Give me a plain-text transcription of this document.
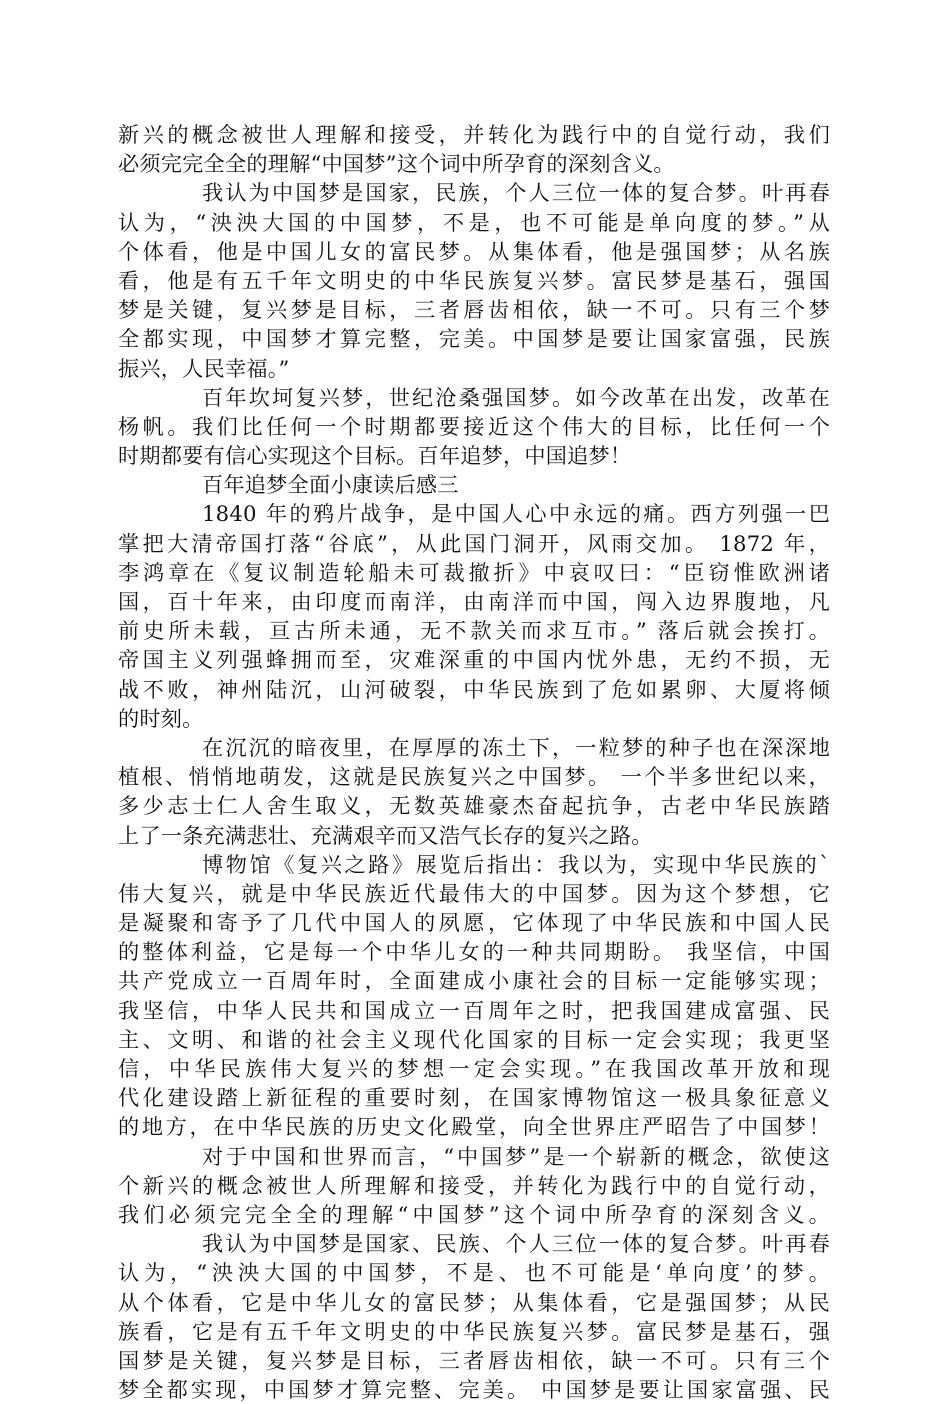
新兴的概念被世人理解和接受，并转化为践行中的自觉行动，我们
必须完完全全的理解“中国梦”这个词中所孕育的深刻含义。
我认为中国梦是国家，民族，个人三位一体的复合梦。叶再春
认为，“泱泱大国的中国梦，不是，也不可能是单向度的梦。”从
个体看，他是中国儿女的富民梦。从集体看，他是强国梦；从名族
看，他是有五千年文明史的中华民族复兴梦。富民梦是基石，强国
梦是关键，复兴梦是目标，三者唇齿相依，缺一不可。只有三个梦
全都实现，中国梦才算完整，完美。中国梦是要让国家富强，民族
振兴，人民幸福。”
百年坎坷复兴梦，世纪沧桑强国梦。如今改革在出发，改革在
杨帆。我们比任何一个时期都要接近这个伟大的目标，比任何一个
时期都要有信心实现这个目标。百年追梦，中国追梦！
百年追梦全面小康读后感三
1840 年的鸦片战争，是中国人心中永远的痛。西方列强一巴
掌把大清帝国打落“谷底”，从此国门洞开，风雨交加。 1872 年，
李鸿章在《复议制造轮船未可裁撤折》中哀叹曰：“臣窃惟欧洲诸
国，百十年来，由印度而南洋，由南洋而中国，闯入边界腹地，凡
前史所未载，亘古所未通，无不款关而求互市。” 落后就会挨打。
帝国主义列强蜂拥而至，灾难深重的中国内忧外患，无约不损，无
战不败，神州陆沉，山河破裂，中华民族到了危如累卵、大厦将倾
的时刻。
在沉沉的暗夜里，在厚厚的冻土下，一粒梦的种子也在深深地
植根、悄悄地萌发，这就是民族复兴之中国梦。 一个半多世纪以来，
多少志士仁人舍生取义，无数英雄豪杰奋起抗争，古老中华民族踏
上了一条充满悲壮、充满艰辛而又浩气长存的复兴之路。
博物馆《复兴之路》展览后指出：我以为，实现中华民族的`
伟大复兴，就是中华民族近代最伟大的中国梦。因为这个梦想，它
是凝聚和寄予了几代中国人的夙愿，它体现了中华民族和中国人民
的整体利益，它是每一个中华儿女的一种共同期盼。 我坚信，中国
共产党成立一百周年时，全面建成小康社会的目标一定能够实现；
我坚信，中华人民共和国成立一百周年之时，把我国建成富强、民
主、文明、和谐的社会主义现代化国家的目标一定会实现；我更坚
信，中华民族伟大复兴的梦想一定会实现。”在我国改革开放和现
代化建设踏上新征程的重要时刻，在国家博物馆这一极具象征意义
的地方，在中华民族的历史文化殿堂，向全世界庄严昭告了中国梦！
对于中国和世界而言，“中国梦”是一个崭新的概念，欲使这
个新兴的概念被世人所理解和接受，并转化为践行中的自觉行动，
我们必须完完全全的理解“中国梦”这个词中所孕育的深刻含义。
我认为中国梦是国家、民族、个人三位一体的复合梦。叶再春
认为，“泱泱大国的中国梦，不是、也不可能是‘单向度’的梦。
从个体看，它是中华儿女的富民梦；从集体看，它是强国梦；从民
族看，它是有五千年文明史的中华民族复兴梦。富民梦是基石，强
国梦是关键，复兴梦是目标，三者唇齿相依，缺一不可。只有三个
梦全都实现，中国梦才算完整、完美。 中国梦是要让国家富强、民
